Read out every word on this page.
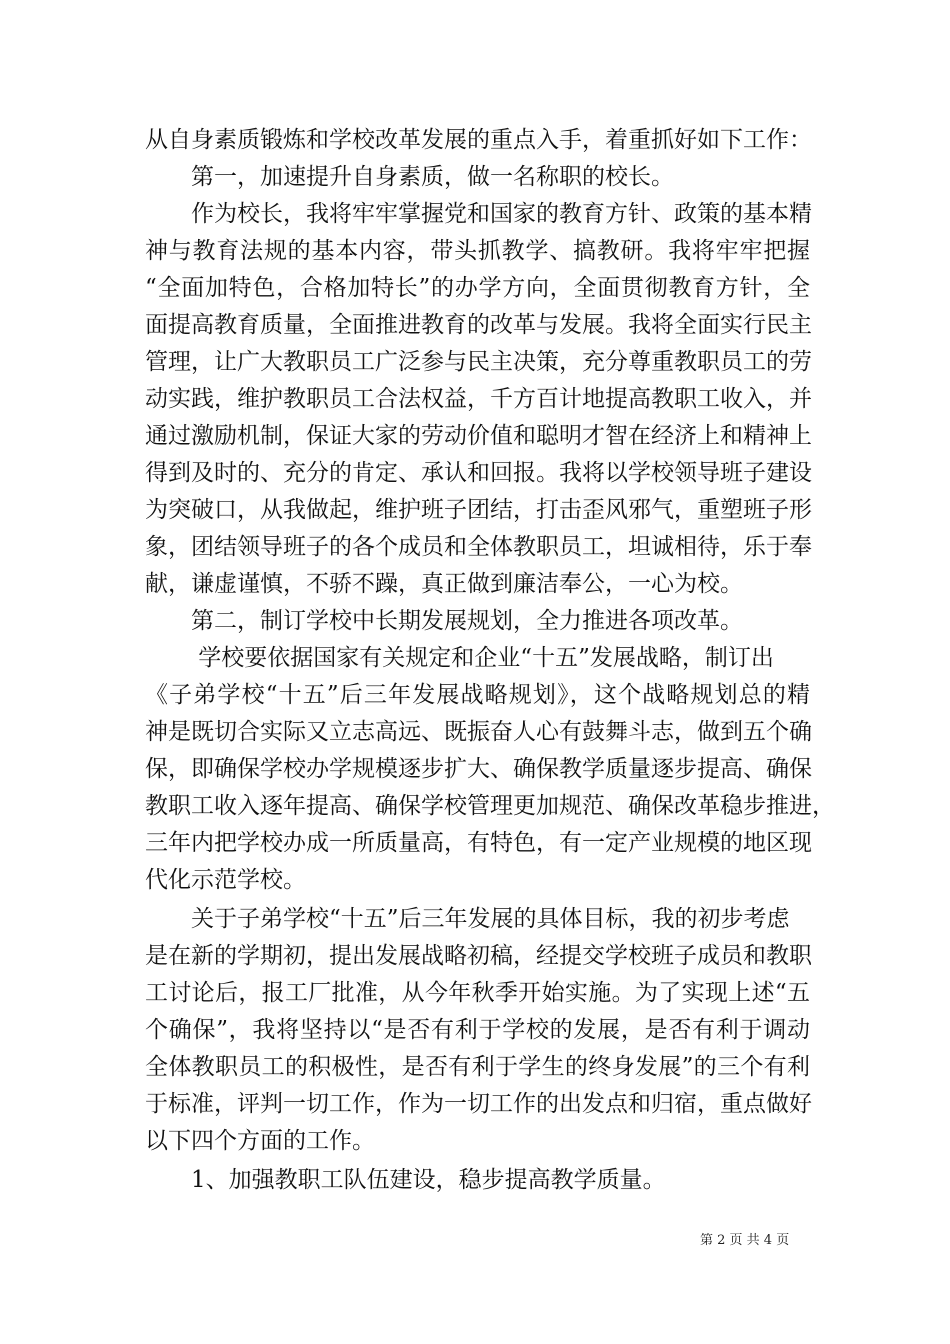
从自身素质锻炼和学校改革发展的重点入手，着重抓好如下工作：
　　第一，加速提升自身素质，做一名称职的校长。
　　作为校长，我将牢牢掌握党和国家的教育方针、政策的基本精
神与教育法规的基本内容，带头抓教学、搞教研。我将牢牢把握
“全面加特色，合格加特长”的办学方向，全面贯彻教育方针，全
面提高教育质量，全面推进教育的改革与发展。我将全面实行民主
管理，让广大教职员工广泛参与民主决策，充分尊重教职员工的劳
动实践，维护教职员工合法权益，千方百计地提高教职工收入，并
通过激励机制，保证大家的劳动价值和聪明才智在经济上和精神上
得到及时的、充分的肯定、承认和回报。我将以学校领导班子建设
为突破口，从我做起，维护班子团结，打击歪风邪气，重塑班子形
象，团结领导班子的各个成员和全体教职员工，坦诚相待，乐于奉
献，谦虚谨慎，不骄不躁，真正做到廉洁奉公，一心为校。
　　第二，制订学校中长期发展规划，全力推进各项改革。
　　 学校要依据国家有关规定和企业“十五”发展战略，制订出
《子弟学校“十五”后三年发展战略规划》，这个战略规划总的精
神是既切合实际又立志高远、既振奋人心有鼓舞斗志，做到五个确
保，即确保学校办学规模逐步扩大、确保教学质量逐步提高、确保
教职工收入逐年提高、确保学校管理更加规范、确保改革稳步推进，
三年内把学校办成一所质量高，有特色，有一定产业规模的地区现
代化示范学校。
　　关于子弟学校“十五”后三年发展的具体目标，我的初步考虑
是在新的学期初，提出发展战略初稿，经提交学校班子成员和教职
工讨论后，报工厂批准，从今年秋季开始实施。为了实现上述“五
个确保”，我将坚持以“是否有利于学校的发展，是否有利于调动
全体教职员工的积极性，是否有利于学生的终身发展”的三个有利
于标准，评判一切工作，作为一切工作的出发点和归宿，重点做好
以下四个方面的工作。
　　1、加强教职工队伍建设，稳步提高教学质量。
第 2 页 共 4 页
